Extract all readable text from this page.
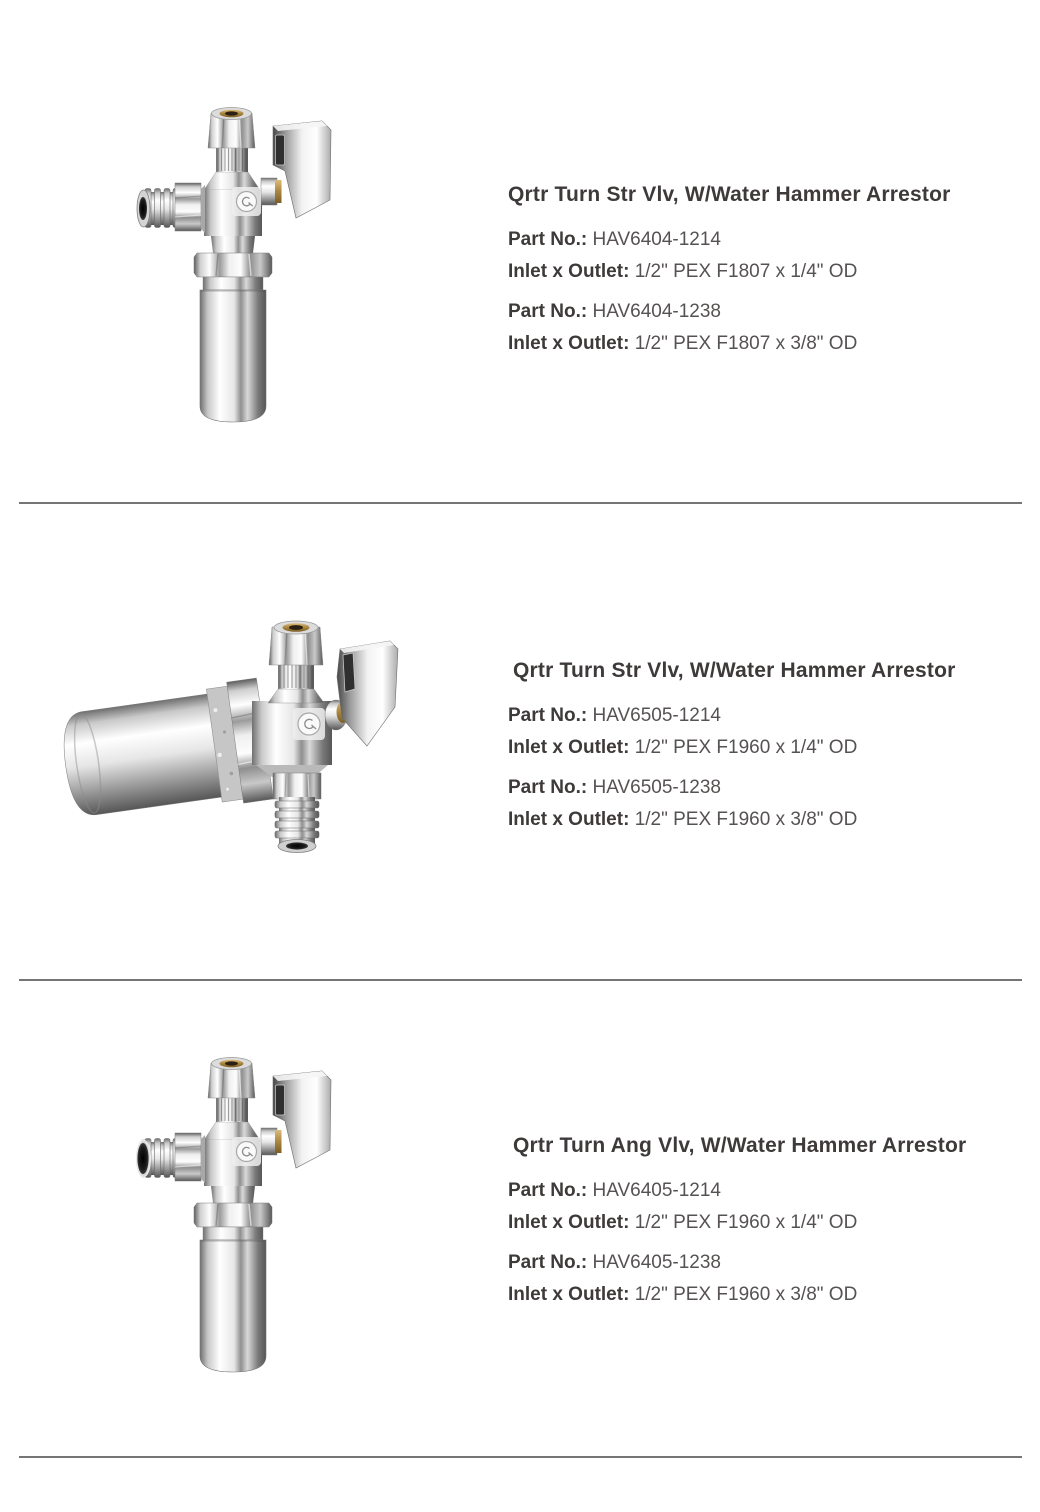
Qrtr Turn Str Vlv, W/Water Hammer Arrestor

Part No.: HAV6404-1214

Inlet x Outlet: 1/2" PEX F1807 x 1/4" OD

Part No.: HAV6404-1238

Inlet x Outlet: 1/2" PEX F1807 x 3/8" OD

Qrtr Turn Str Vlv, W/Water Hammer Arrestor

Part No.: HAV6505-1214

Inlet x Outlet: 1/2" PEX F1960 x 1/4" OD

Part No.: HAV6505-1238

Inlet x Outlet: 1/2" PEX F1960 x 3/8" OD

Qrtr Turn Ang Vlv, W/Water Hammer Arrestor

Part No.: HAV6405-1214

Inlet x Outlet: 1/2" PEX F1960 x 1/4" OD

Part No.: HAV6405-1238

Inlet x Outlet: 1/2" PEX F1960 x 3/8" OD
